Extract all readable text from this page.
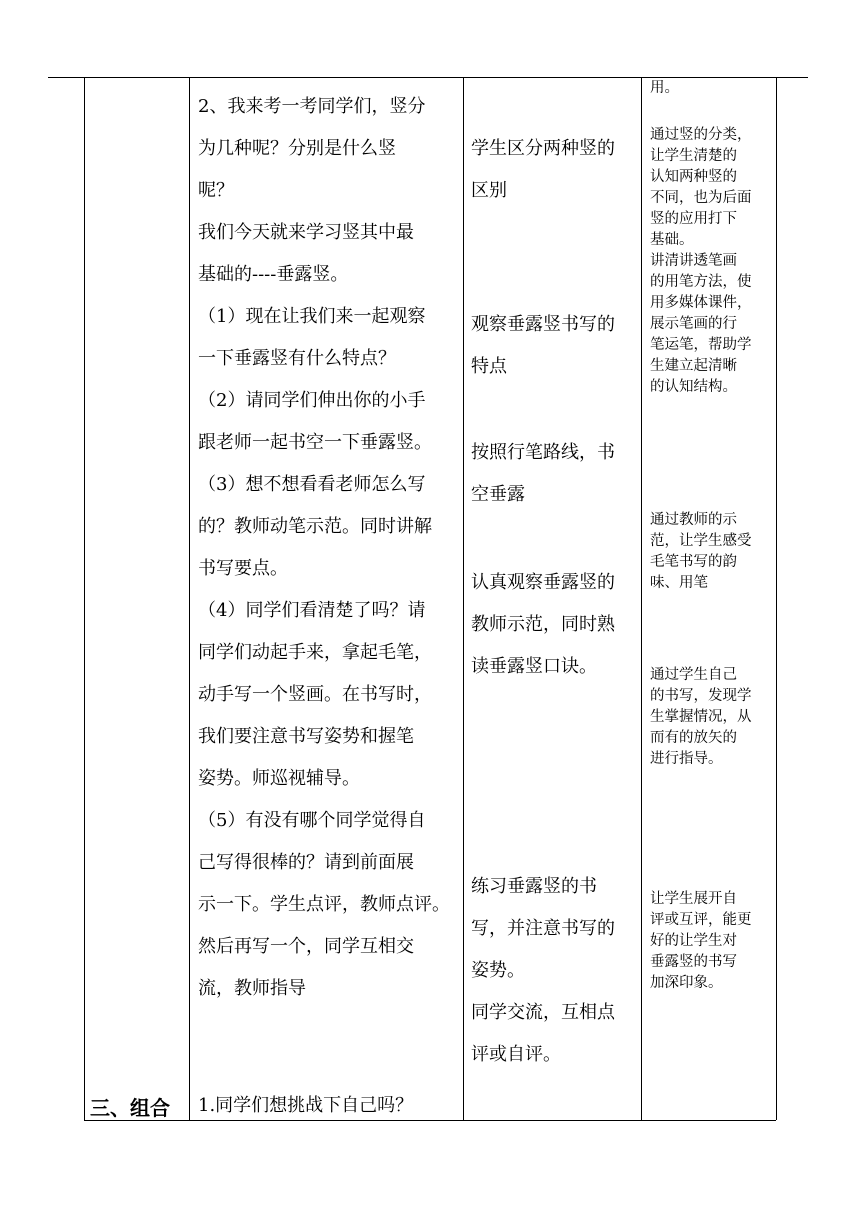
三、组合
2、我来考一考同学们，竖分
为几种呢？分别是什么竖
呢？
我们今天就来学习竖其中最
基础的----垂露竖。
（1）现在让我们来一起观察
一下垂露竖有什么特点？
（2）请同学们伸出你的小手
跟老师一起书空一下垂露竖。
（3）想不想看看老师怎么写
的？教师动笔示范。同时讲解
书写要点。
（4）同学们看清楚了吗？请
同学们动起手来，拿起毛笔，
动手写一个竖画。在书写时，
我们要注意书写姿势和握笔
姿势。师巡视辅导。
（5）有没有哪个同学觉得自
己写得很棒的？请到前面展
示一下。学生点评，教师点评。
然后再写一个，同学互相交
流，教师指导
1.同学们想挑战下自己吗？
学生区分两种竖的
区别
观察垂露竖书写的
特点
按照行笔路线，书
空垂露
认真观察垂露竖的
教师示范，同时熟
读垂露竖口诀。
练习垂露竖的书
写，并注意书写的
姿势。
同学交流，互相点
评或自评。
用。
通过竖的分类，
让学生清楚的
认知两种竖的
不同，也为后面
竖的应用打下
基础。
讲清讲透笔画
的用笔方法，使
用多媒体课件，
展示笔画的行
笔运笔，帮助学
生建立起清晰
的认知结构。
通过教师的示
范，让学生感受
毛笔书写的韵
味、用笔
通过学生自己
的书写，发现学
生掌握情况，从
而有的放矢的
进行指导。
让学生展开自
评或互评，能更
好的让学生对
垂露竖的书写
加深印象。
